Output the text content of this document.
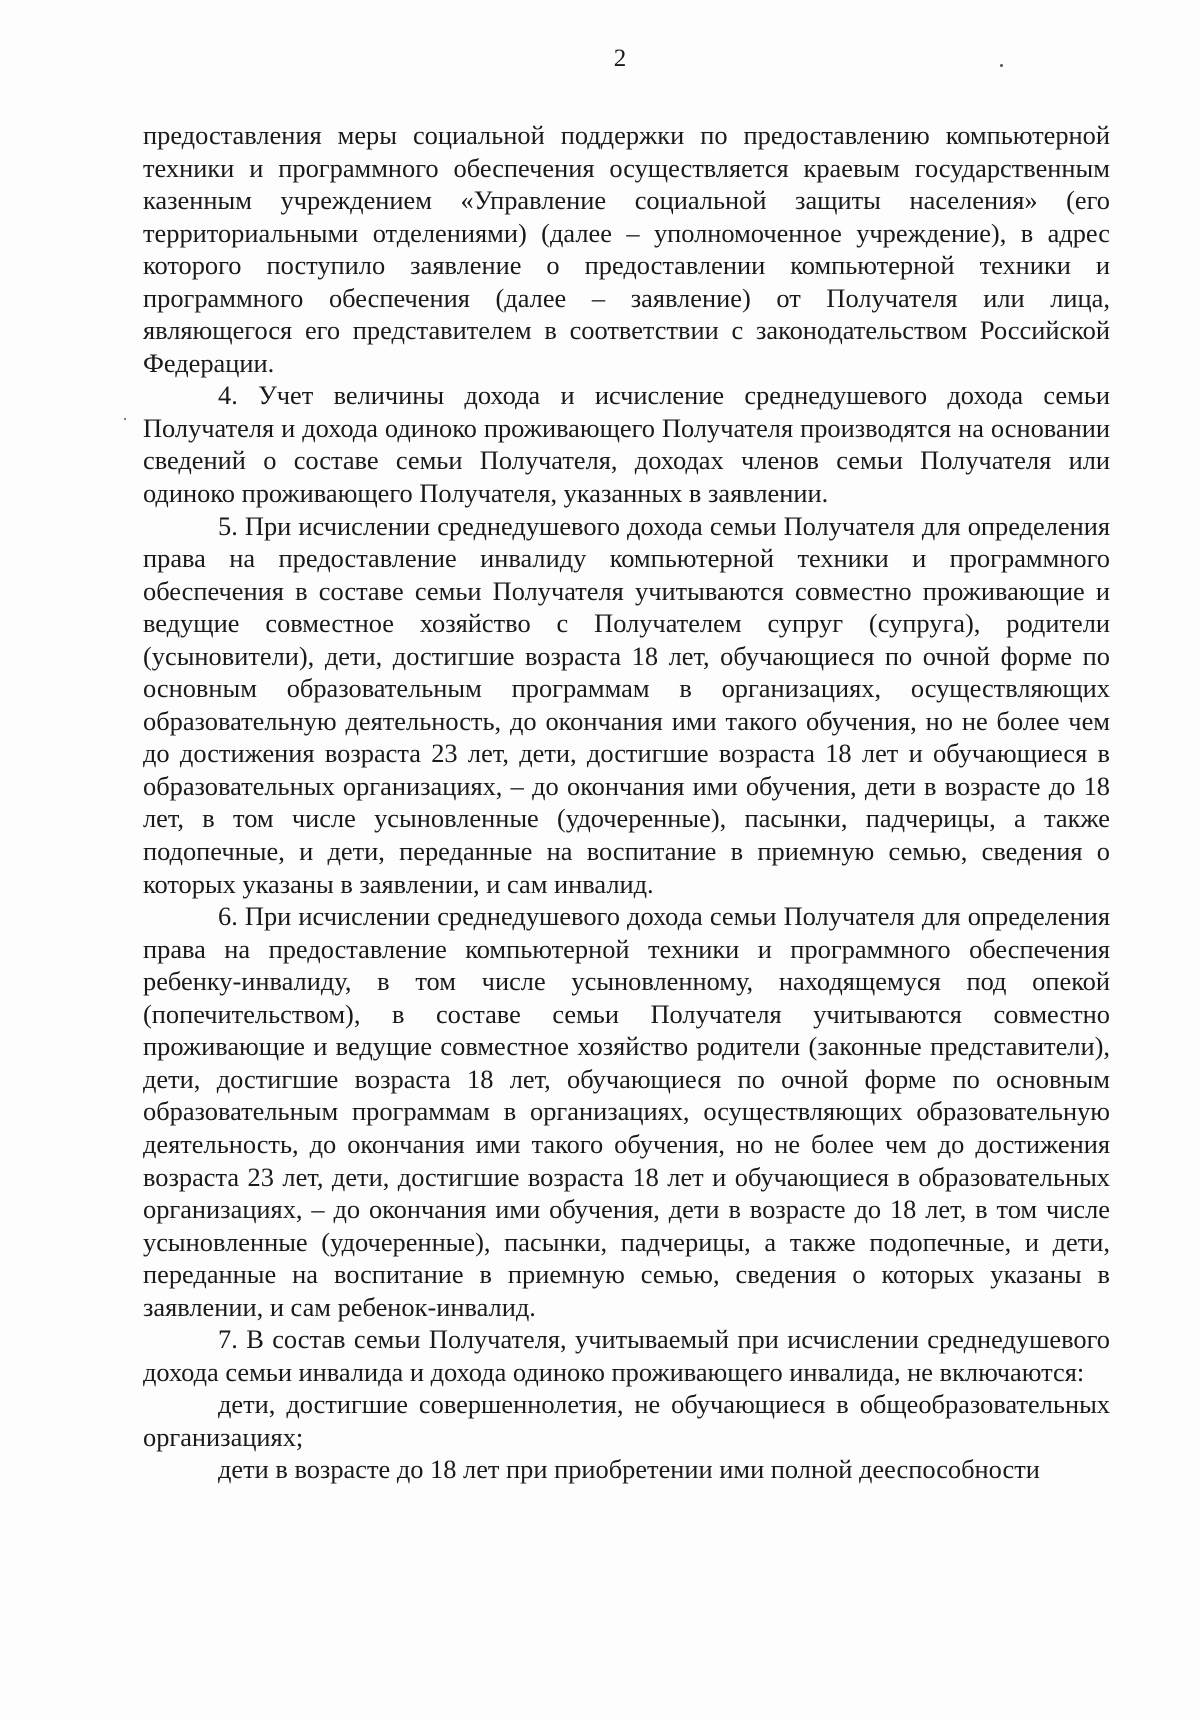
2

предоставления меры социальной поддержки по предоставлению компьютерной техники и программного обеспечения осуществляется краевым государственным казенным учреждением «Управление социальной защиты населения» (его территориальными отделениями) (далее – уполномоченное учреждение), в адрес которого поступило заявление о предоставлении компьютерной техники и программного обеспечения (далее – заявление) от Получателя или лица, являющегося его представителем в соответствии с законодательством Российской Федерации.

4. Учет величины дохода и исчисление среднедушевого дохода семьи Получателя и дохода одиноко проживающего Получателя производятся на основании сведений о составе семьи Получателя, доходах членов семьи Получателя или одиноко проживающего Получателя, указанных в заявлении.

5. При исчислении среднедушевого дохода семьи Получателя для определения права на предоставление инвалиду компьютерной техники и программного обеспечения в составе семьи Получателя учитываются совместно проживающие и ведущие совместное хозяйство с Получателем супруг (супруга), родители (усыновители), дети, достигшие возраста 18 лет, обучающиеся по очной форме по основным образовательным программам в организациях, осуществляющих образовательную деятельность, до окончания ими такого обучения, но не более чем до достижения возраста 23 лет, дети, достигшие возраста 18 лет и обучающиеся в образовательных организациях, – до окончания ими обучения, дети в возрасте до 18 лет, в том числе усыновленные (удочеренные), пасынки, падчерицы, а также подопечные, и дети, переданные на воспитание в приемную семью, сведения о которых указаны в заявлении, и сам инвалид.

6. При исчислении среднедушевого дохода семьи Получателя для определения права на предоставление компьютерной техники и программного обеспечения ребенку-инвалиду, в том числе усыновленному, находящемуся под опекой (попечительством), в составе семьи Получателя учитываются совместно проживающие и ведущие совместное хозяйство родители (законные представители), дети, достигшие возраста 18 лет, обучающиеся по очной форме по основным образовательным программам в организациях, осуществляющих образовательную деятельность, до окончания ими такого обучения, но не более чем до достижения возраста 23 лет, дети, достигшие возраста 18 лет и обучающиеся в образовательных организациях, – до окончания ими обучения, дети в возрасте до 18 лет, в том числе усыновленные (удочеренные), пасынки, падчерицы, а также подопечные, и дети, переданные на воспитание в приемную семью, сведения о которых указаны в заявлении, и сам ребенок-инвалид.

7. В состав семьи Получателя, учитываемый при исчислении среднедушевого дохода семьи инвалида и дохода одиноко проживающего инвалида, не включаются:

дети, достигшие совершеннолетия, не обучающиеся в общеобразовательных организациях;

дети в возрасте до 18 лет при приобретении ими полной дееспособности
